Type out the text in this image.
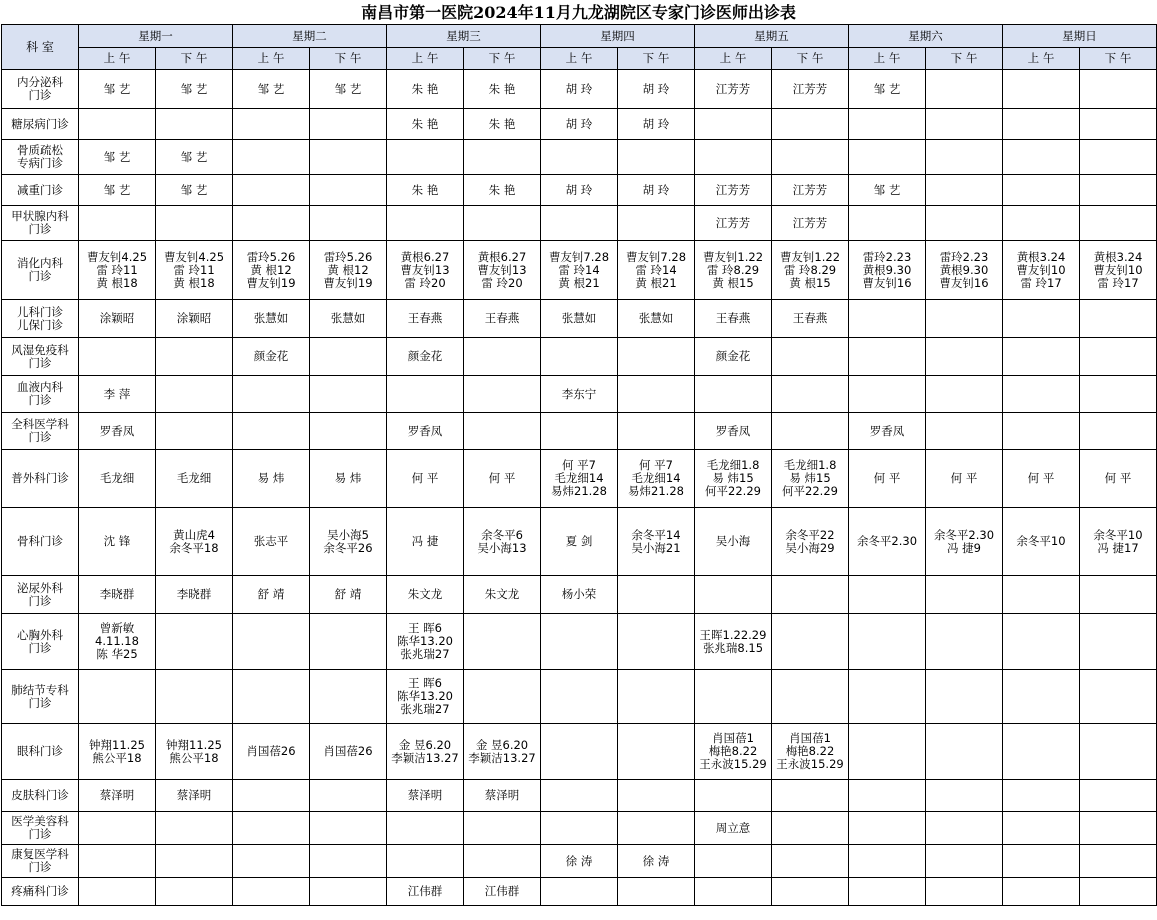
南昌市第一医院2024年11月九龙湖院区专家门诊医师出诊表
科 室	星期一		星期二		星期三		星期四		星期五		星期六		星期日	
	上 午	下 午	上 午	下 午	上 午	下 午	上 午	下 午	上 午	下 午	上 午	下 午	上 午	下 午

内分泌科
门诊	邹 艺	邹 艺	邹 艺	邹 艺	朱 艳	朱 艳	胡 玲	胡 玲	江芳芳	江芳芳	邹 艺			

糖尿病门诊					朱 艳	朱 艳	胡 玲	胡 玲						

骨质疏松
专病门诊	邹 艺	邹 艺												

减重门诊	邹 艺	邹 艺			朱 艳	朱 艳	胡 玲	胡 玲	江芳芳	江芳芳	邹 艺			

甲状腺内科
门诊									江芳芳	江芳芳				

消化内科
门诊	曹友钊4.25
雷 玲11
黄 根18	曹友钊4.25
雷 玲11
黄 根18	雷玲5.26
黄 根12
曹友钊19	雷玲5.26
黄 根12
曹友钊19	黄根6.27
曹友钊13
雷 玲20	黄根6.27
曹友钊13
雷 玲20	曹友钊7.28
雷 玲14
黄 根21	曹友钊7.28
雷 玲14
黄 根21	曹友钊1.22
雷 玲8.29
黄 根15	曹友钊1.22
雷 玲8.29
黄 根15	雷玲2.23
黄根9.30
曹友钊16	雷玲2.23
黄根9.30
曹友钊16	黄根3.24
曹友钊10
雷 玲17	黄根3.24
曹友钊10
雷 玲17

儿科门诊
儿保门诊	涂颖昭	涂颖昭	张慧如	张慧如	王春燕	王春燕	张慧如	张慧如	王春燕	王春燕				

风湿免疫科
门诊			颜金花		颜金花				颜金花					

血液内科
门诊	李 萍						李东宁							

全科医学科
门诊	罗香凤				罗香凤				罗香凤		罗香凤			

普外科门诊	毛龙细	毛龙细	易 炜	易 炜	何 平	何 平	何 平7
毛龙细14
易炜21.28	何 平7
毛龙细14
易炜21.28	毛龙细1.8
易 炜15
何平22.29	毛龙细1.8
易 炜15
何平22.29	何 平	何 平	何 平	何 平

骨科门诊	沈 锋	黄山虎4
余冬平18	张志平	吴小海5
余冬平26	冯 捷	余冬平6
吴小海13	夏 剑	余冬平14
吴小海21	吴小海	余冬平22
吴小海29	余冬平2.30	余冬平2.30
冯 捷9	余冬平10	余冬平10
冯 捷17

泌尿外科
门诊	李晓群	李晓群	舒 靖	舒 靖	朱文龙	朱文龙	杨小荣							

心胸外科
门诊	曾新敏
4.11.18
陈 华25				王 晖6
陈华13.20
张兆瑞27				王晖1.22.29
张兆瑞8.15					

肺结节专科
门诊					王 晖6
陈华13.20
张兆瑞27									

眼科门诊	钟翔11.25
熊公平18	钟翔11.25
熊公平18	肖国蓓26	肖国蓓26	金 昱6.20
李颖洁13.27	金 昱6.20
李颖洁13.27			肖国蓓1
梅艳8.22
王永波15.29	肖国蓓1
梅艳8.22
王永波15.29				

皮肤科门诊	蔡泽明	蔡泽明			蔡泽明	蔡泽明								

医学美容科
门诊									周立意					

康复医学科
门诊							徐 涛	徐 涛						

疼痛科门诊					江伟群	江伟群								
